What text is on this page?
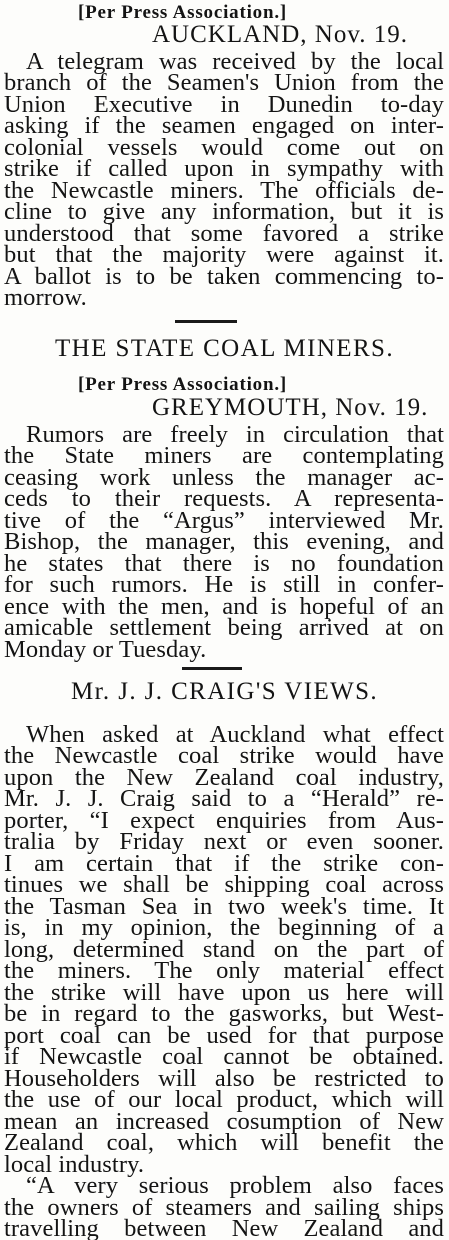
[Per Press Association.]
AUCKLAND, Nov. 19.
A telegram was received by the local
branch of the Seamen's Union from the
Union Executive in Dunedin to-day
asking if the seamen engaged on inter-
colonial vessels would come out on
strike if called upon in sympathy with
the Newcastle miners. The officials de-
cline to give any information, but it is
understood that some favored a strike
but that the majority were against it.
A ballot is to be taken commencing to-
morrow.
THE STATE COAL MINERS.
[Per Press Association.]
GREYMOUTH, Nov. 19.
Rumors are freely in circulation that
the State miners are contemplating
ceasing work unless the manager ac-
ceds to their requests. A representa-
tive of the “Argus” interviewed Mr.
Bishop, the manager, this evening, and
he states that there is no foundation
for such rumors. He is still in confer-
ence with the men, and is hopeful of an
amicable settlement being arrived at on
Monday or Tuesday.
Mr. J. J. CRAIG'S VIEWS.
When asked at Auckland what effect
the Newcastle coal strike would have
upon the New Zealand coal industry,
Mr. J. J. Craig said to a “Herald” re-
porter, “I expect enquiries from Aus-
tralia by Friday next or even sooner.
I am certain that if the strike con-
tinues we shall be shipping coal across
the Tasman Sea in two week's time. It
is, in my opinion, the beginning of a
long, determined stand on the part of
the miners. The only material effect
the strike will have upon us here will
be in regard to the gasworks, but West-
port coal can be used for that purpose
if Newcastle coal cannot be obtained.
Householders will also be restricted to
the use of our local product, which will
mean an increased cosumption of New
Zealand coal, which will benefit the
local industry.
“A very serious problem also faces
the owners of steamers and sailing ships
travelling between New Zealand and
